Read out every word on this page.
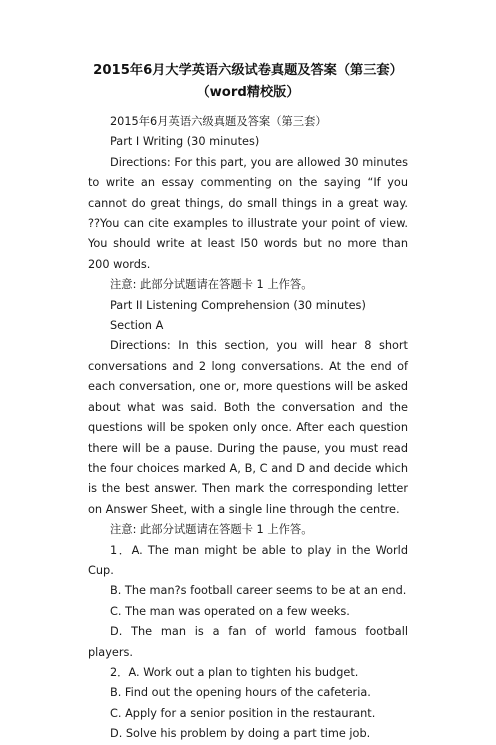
2015年6月大学英语六级试卷真题及答案（第三套）（word精校版）

2015年6月英语六级真题及答案（第三套）

Part I Writing (30 minutes)

Directions: For this part, you are allowed 30 minutes to write an essay commenting on the saying “If you cannot do great things, do small things in a great way. ??You can cite examples to illustrate your point of view. You should write at least l50 words but no more than 200 words.

注意: 此部分试题请在答题卡 1 上作答。

Part II Listening Comprehension (30 minutes)

Section A

Directions: In this section, you will hear 8 short conversations and 2 long conversations. At the end of each conversation, one or, more questions will be asked about what was said. Both the conversation and the questions will be spoken only once. After each question there will be a pause. During the pause, you must read the four choices marked A, B, C and D and decide which is the best answer. Then mark the corresponding letter on Answer Sheet, with a single line through the centre.

注意: 此部分试题请在答题卡 1 上作答。

1．A. The man might be able to play in the World Cup.

B. The man?s football career seems to be at an end.

C. The man was operated on a few weeks.

D. The man is a fan of world famous football players.

2．A. Work out a plan to tighten his budget.

B. Find out the opening hours of the cafeteria.

C. Apply for a senior position in the restaurant.

D. Solve his problem by doing a part time job.
